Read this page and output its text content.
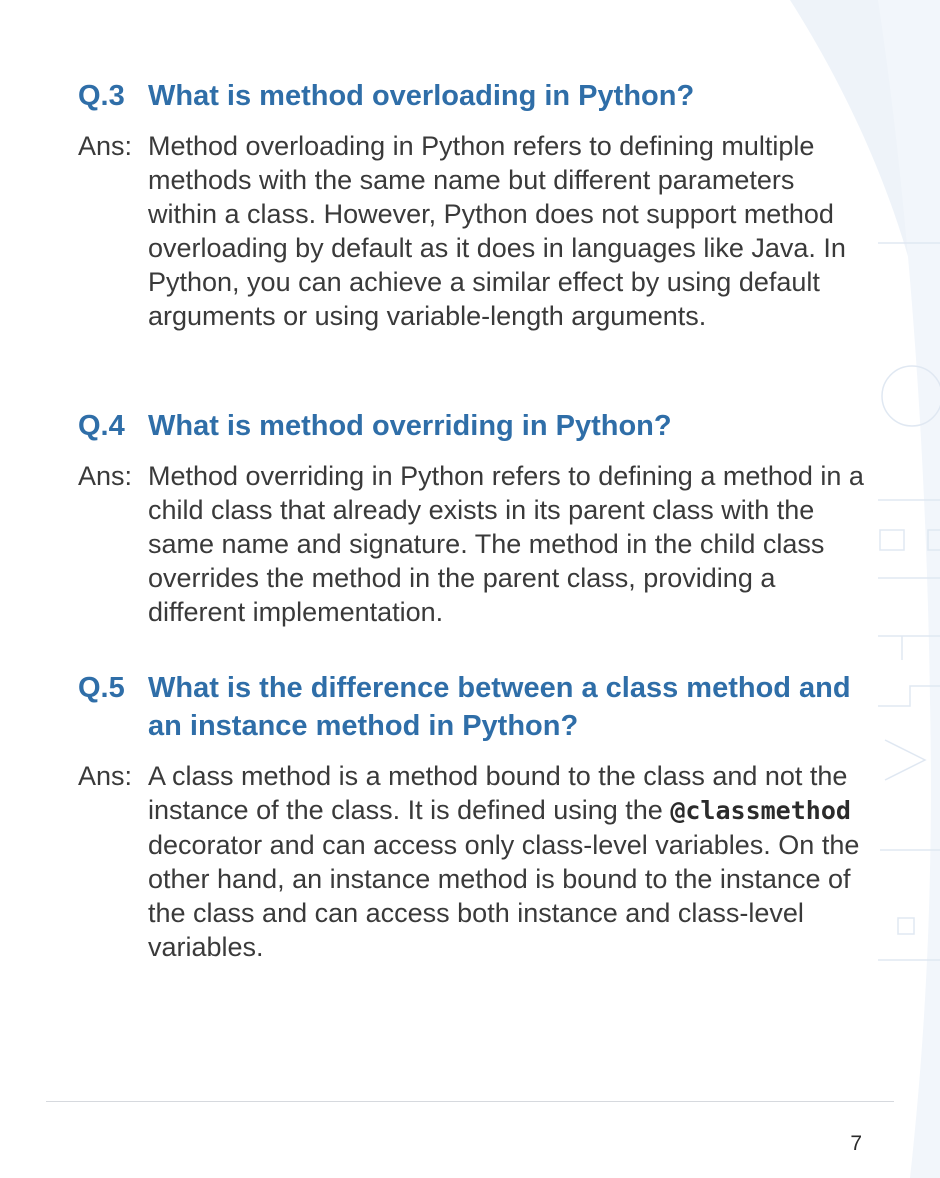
Q.3 What is method overloading in Python?
Ans: Method overloading in Python refers to defining multiple methods with the same name but different parameters within a class. However, Python does not support method overloading by default as it does in languages like Java. In Python, you can achieve a similar effect by using default arguments or using variable-length arguments.
Q.4 What is method overriding in Python?
Ans: Method overriding in Python refers to defining a method in a child class that already exists in its parent class with the same name and signature. The method in the child class overrides the method in the parent class, providing a different implementation.
Q.5 What is the difference between a class method and an instance method in Python?
Ans: A class method is a method bound to the class and not the instance of the class. It is defined using the @classmethod decorator and can access only class-level variables. On the other hand, an instance method is bound to the instance of the class and can access both instance and class-level variables.
7
